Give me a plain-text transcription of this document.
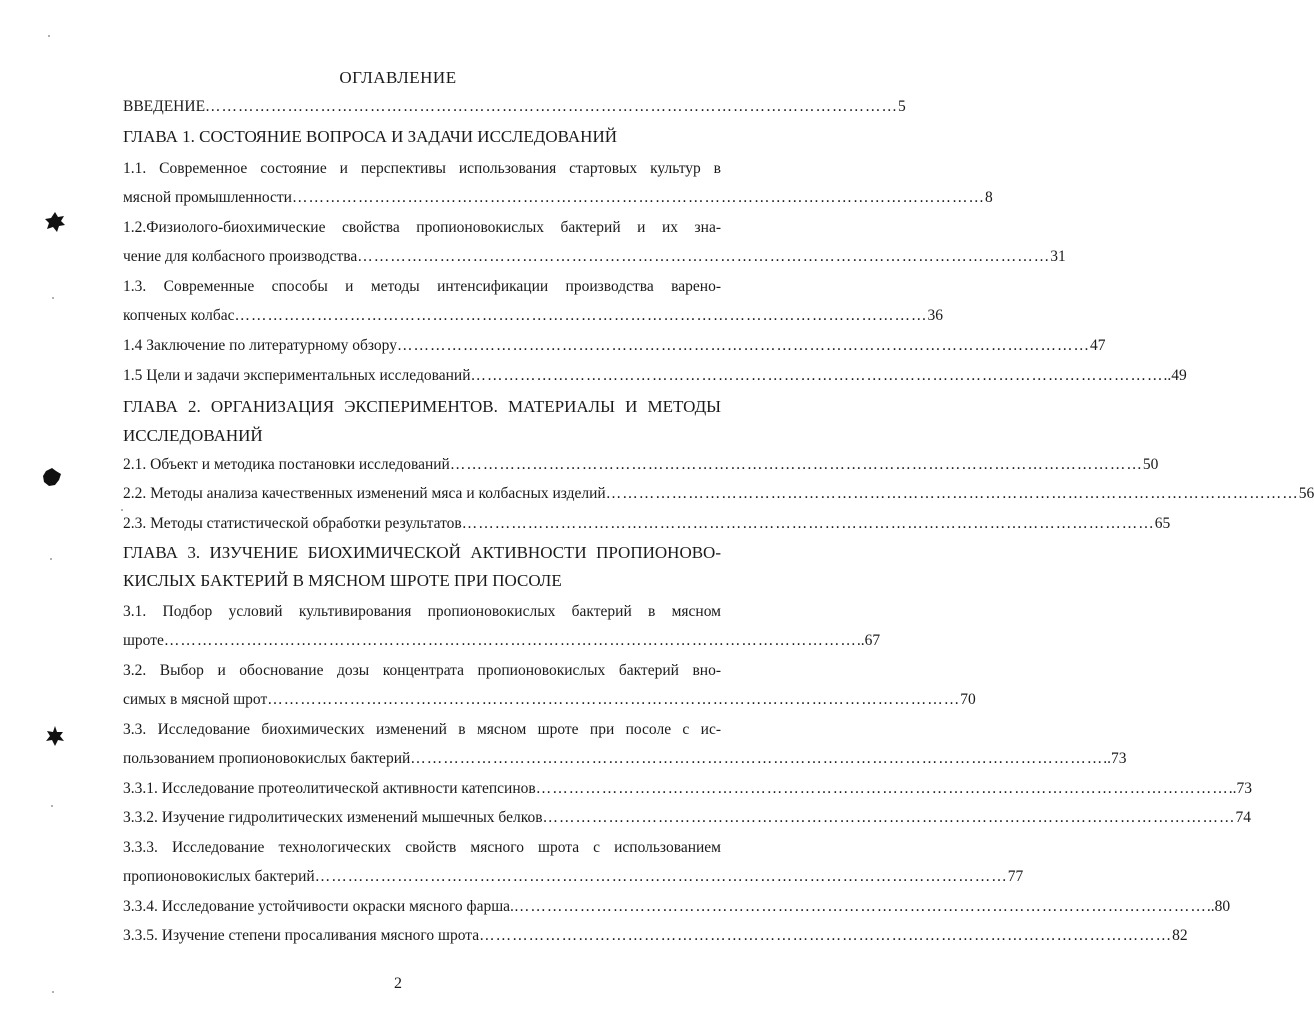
ОГЛАВЛЕНИЕ
ВВЕДЕНИЕ ……………………………………………………………………………………………………………… 5
ГЛАВА 1. СОСТОЯНИЕ ВОПРОСА И ЗАДАЧИ ИССЛЕДОВАНИЙ
1.1. Современное состояние и перспективы использования стартовых культур в
мясной промышленности ……………………………………………………………………………………………………………… 8
1.2.Физиолого-биохимические свойства пропионовокислых бактерий и их зна-
чение для колбасного производства ……………………………………………………………………………………………………………… 31
1.3. Современные способы и методы интенсификации производства варено-
копченых колбас ……………………………………………………………………………………………………………… 36
1.4 Заключение по литературному обзору ……………………………………………………………………………………………………………… 47
1.5 Цели и задачи экспериментальных исследований ……………………………………………………………………………………………………………… ..49
ГЛАВА 2. ОРГАНИЗАЦИЯ ЭКСПЕРИМЕНТОВ. МАТЕРИАЛЫ И МЕТОДЫ
ИССЛЕДОВАНИЙ
2.1. Объект и методика постановки исследований ……………………………………………………………………………………………………………… 50
2.2. Методы анализа качественных изменений мяса и колбасных изделий ……………………………………………………………………………………………………………… 56
2.3. Методы статистической обработки результатов ……………………………………………………………………………………………………………… 65
ГЛАВА 3. ИЗУЧЕНИЕ БИОХИМИЧЕСКОЙ АКТИВНОСТИ ПРОПИОНОВО-
КИСЛЫХ БАКТЕРИЙ В МЯСНОМ ШРОТЕ ПРИ ПОСОЛЕ
3.1. Подбор условий культивирования пропионовокислых бактерий в мясном
шроте ……………………………………………………………………………………………………………… ..67
3.2. Выбор и обоснование дозы концентрата пропионовокислых бактерий вно-
симых в мясной шрот ……………………………………………………………………………………………………………… 70
3.3. Исследование биохимических изменений в мясном шроте при посоле с ис-
пользованием пропионовокислых бактерий ……………………………………………………………………………………………………………… ..73
3.3.1. Исследование протеолитической активности катепсинов ……………………………………………………………………………………………………………… ..73
3.3.2. Изучение гидролитических изменений мышечных белков ……………………………………………………………………………………………………………… 74
3.3.3. Исследование технологических свойств мясного шрота с использованием
пропионовокислых бактерий ……………………………………………………………………………………………………………… 77
3.3.4. Исследование устойчивости окраски мясного фарша. ……………………………………………………………………………………………………………… ..80
3.3.5. Изучение степени просаливания мясного шрота ……………………………………………………………………………………………………………… 82
2
